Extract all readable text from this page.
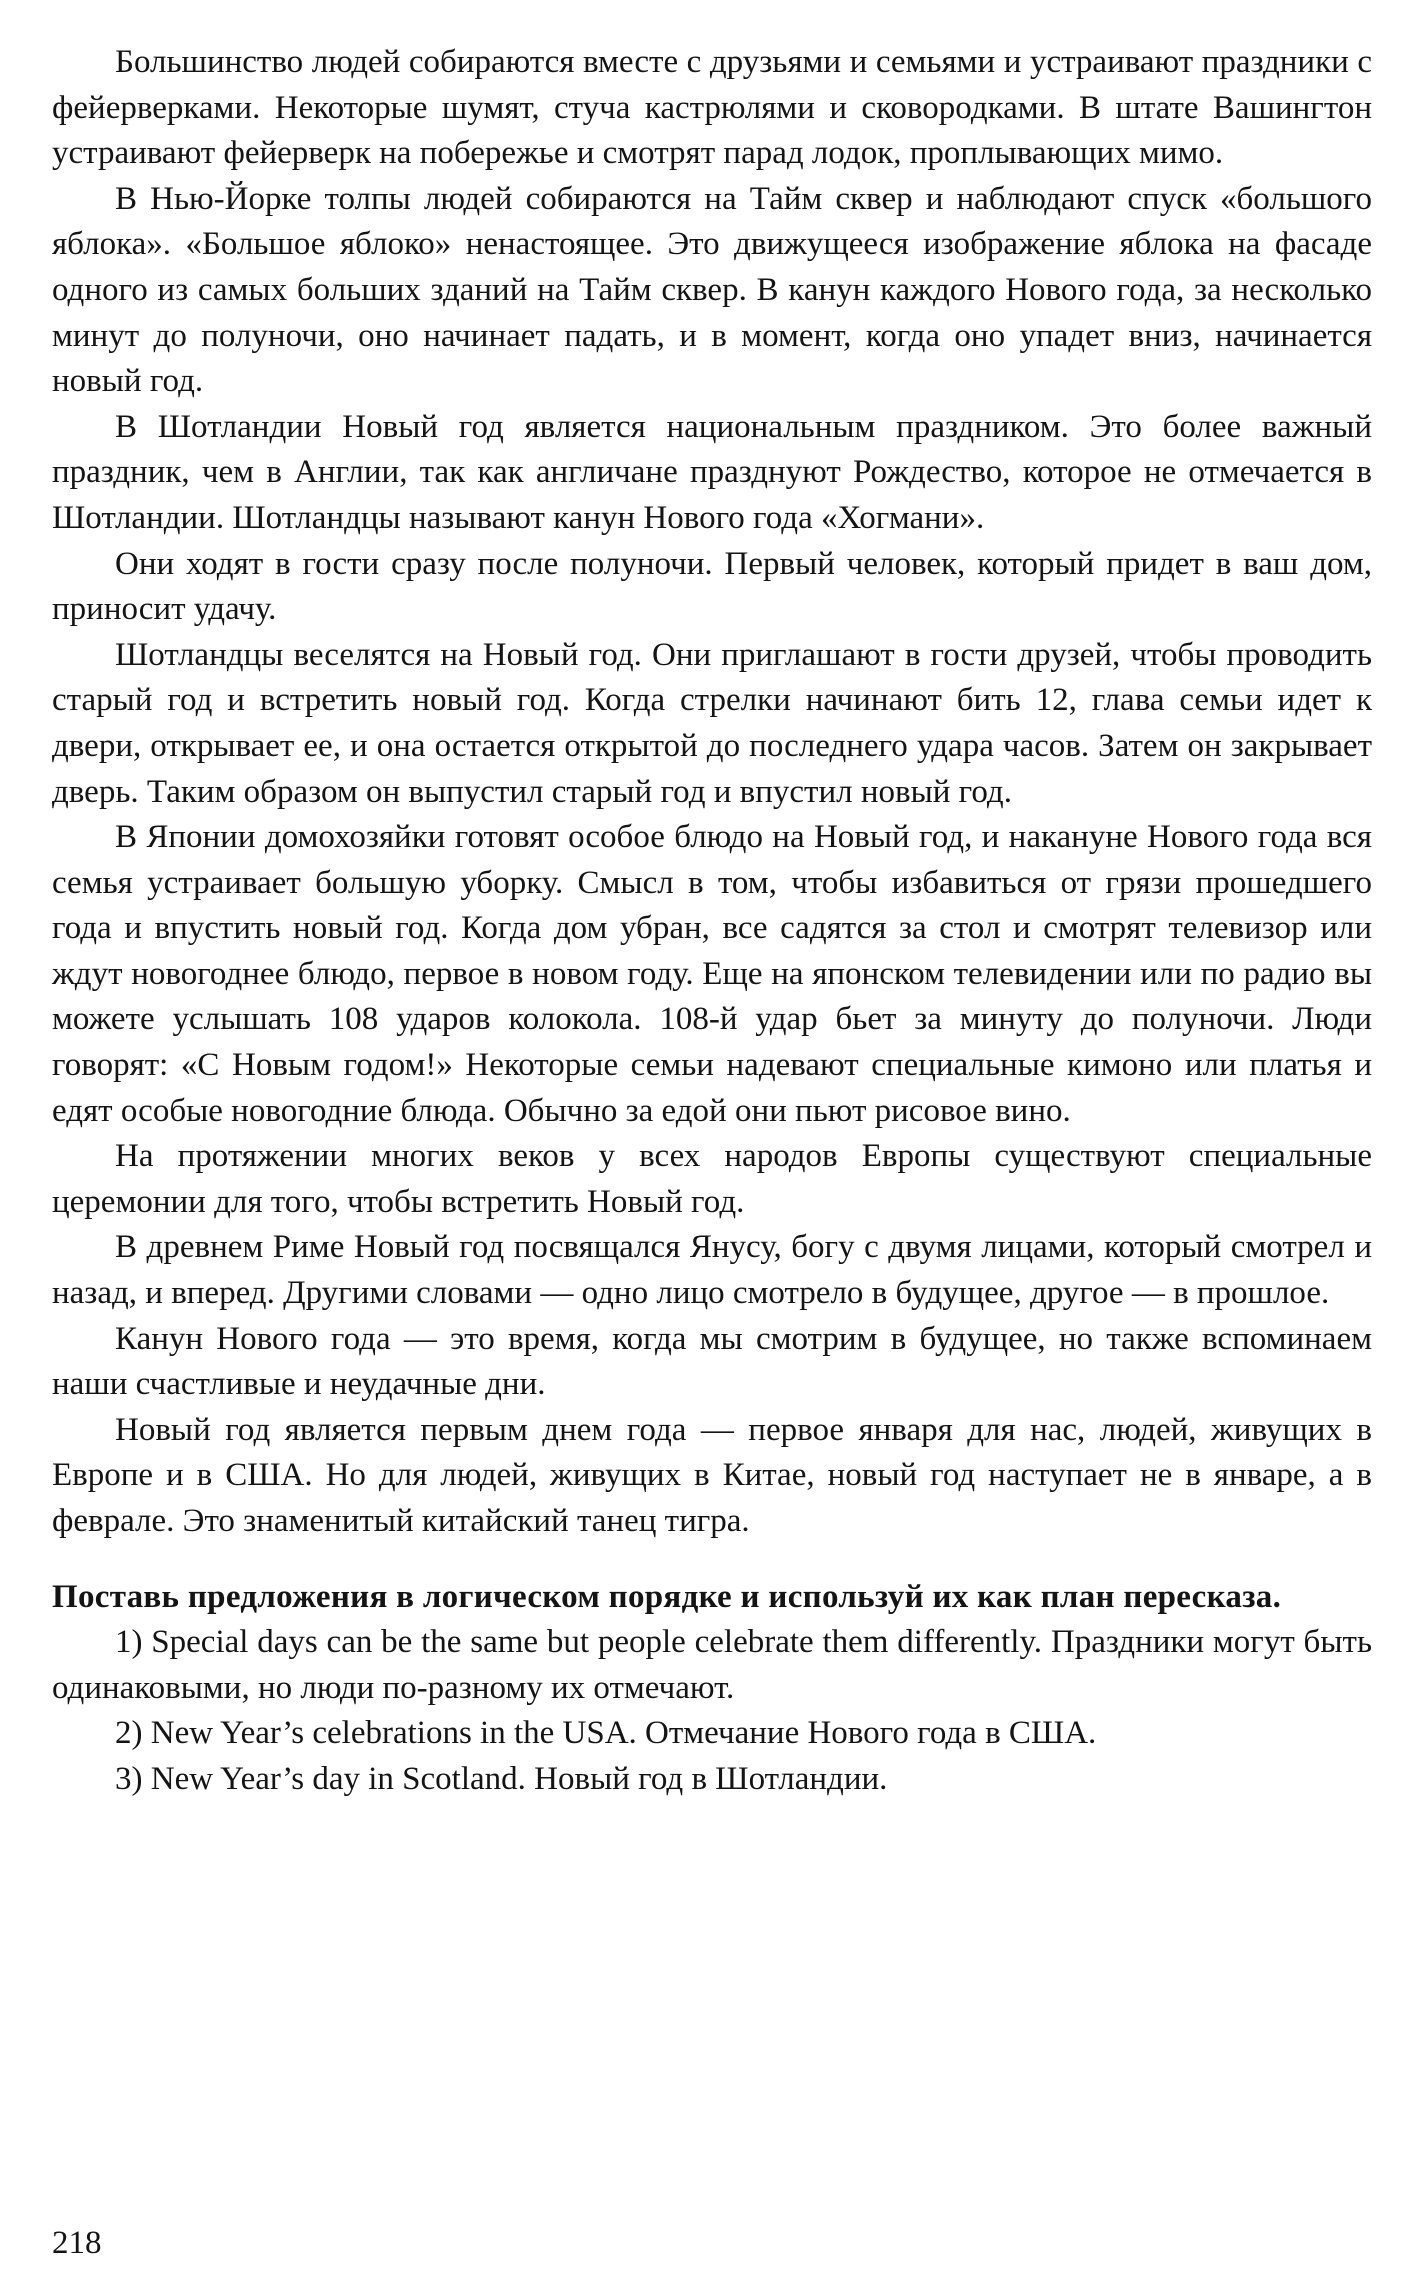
Большинство людей собираются вместе с друзьями и семьями и устраивают праздники с фейерверками. Некоторые шумят, стуча кастрюлями и сковородками. В штате Вашингтон устраивают фейерверк на побережье и смотрят парад лодок, проплывающих мимо.

В Нью-Йорке толпы людей собираются на Тайм сквер и наблюдают спуск «большого яблока». «Большое яблоко» ненастоящее. Это движущееся изображение яблока на фасаде одного из самых больших зданий на Тайм сквер. В канун каждого Нового года, за несколько минут до полуночи, оно начинает падать, и в момент, когда оно упадет вниз, начинается новый год.

В Шотландии Новый год является национальным праздником. Это более важный праздник, чем в Англии, так как англичане празднуют Рождество, которое не отмечается в Шотландии. Шотландцы называют канун Нового года «Хогмани».

Они ходят в гости сразу после полуночи. Первый человек, который придет в ваш дом, приносит удачу.

Шотландцы веселятся на Новый год. Они приглашают в гости друзей, чтобы проводить старый год и встретить новый год. Когда стрелки начинают бить 12, глава семьи идет к двери, открывает ее, и она остается открытой до последнего удара часов. Затем он закрывает дверь. Таким образом он выпустил старый год и впустил новый год.

В Японии домохозяйки готовят особое блюдо на Новый год, и накануне Нового года вся семья устраивает большую уборку. Смысл в том, чтобы избавиться от грязи прошедшего года и впустить новый год. Когда дом убран, все садятся за стол и смотрят телевизор или ждут новогоднее блюдо, первое в новом году. Еще на японском телевидении или по радио вы можете услышать 108 ударов колокола. 108-й удар бьет за минуту до полуночи. Люди говорят: «С Новым годом!» Некоторые семьи надевают специальные кимоно или платья и едят особые новогодние блюда. Обычно за едой они пьют рисовое вино.

На протяжении многих веков у всех народов Европы существуют специальные церемонии для того, чтобы встретить Новый год.

В древнем Риме Новый год посвящался Янусу, богу с двумя лицами, который смотрел и назад, и вперед. Другими словами — одно лицо смотрело в будущее, другое — в прошлое.

Канун Нового года — это время, когда мы смотрим в будущее, но также вспоминаем наши счастливые и неудачные дни.

Новый год является первым днем года — первое января для нас, людей, живущих в Европе и в США. Но для людей, живущих в Китае, новый год наступает не в январе, а в феврале. Это знаменитый китайский танец тигра.

Поставь предложения в логическом порядке и используй их как план пересказа.

1) Special days can be the same but people celebrate them differently. Праздники могут быть одинаковыми, но люди по-разному их отмечают.
2) New Year’s celebrations in the USA. Отмечание Нового года в США.
3) New Year’s day in Scotland. Новый год в Шотландии.
218
